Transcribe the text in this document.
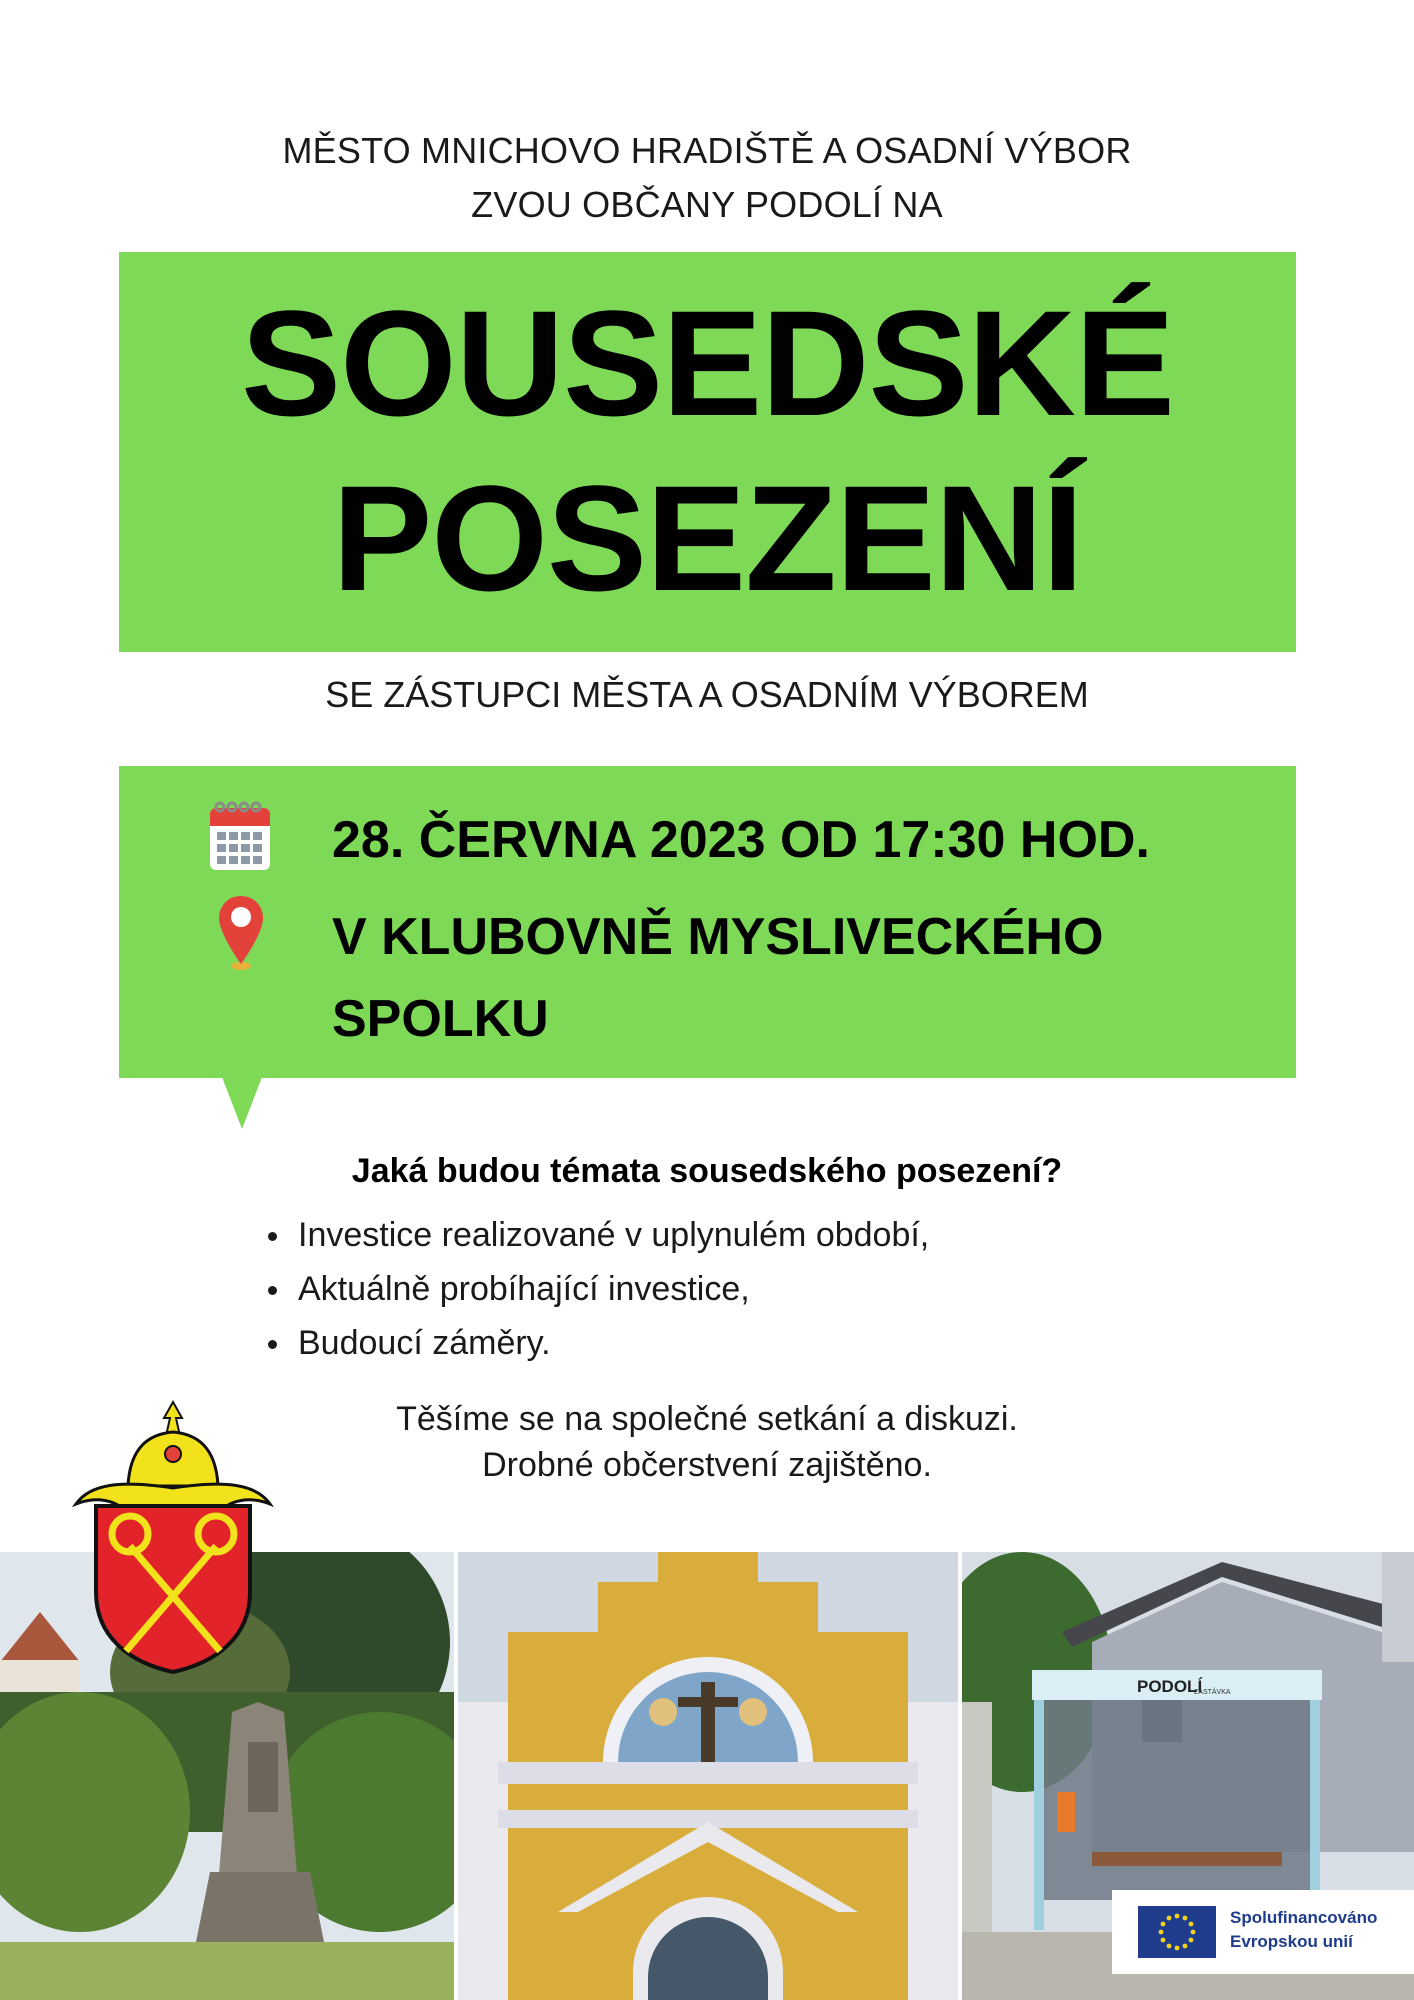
MĚSTO MNICHOVO HRADIŠTĚ A OSADNÍ VÝBOR
ZVOU OBČANY PODOLÍ NA
SOUSEDSKÉ
POSEZENÍ
SE ZÁSTUPCI MĚSTA A OSADNÍM VÝBOREM
28. ČERVNA 2023 OD 17:30 HOD.
V KLUBOVNĚ MYSLIVECKÉHO
SPOLKU
Jaká budou témata sousedského posezení?
Investice realizované v uplynulém období,
Aktuálně probíhající investice,
Budoucí záměry.
Těšíme se na společné setkání a diskuzi.
Drobné občerstvení zajištěno.
PODOLÍ
ZASTÁVKA
Spolufinancováno
Evropskou unií
